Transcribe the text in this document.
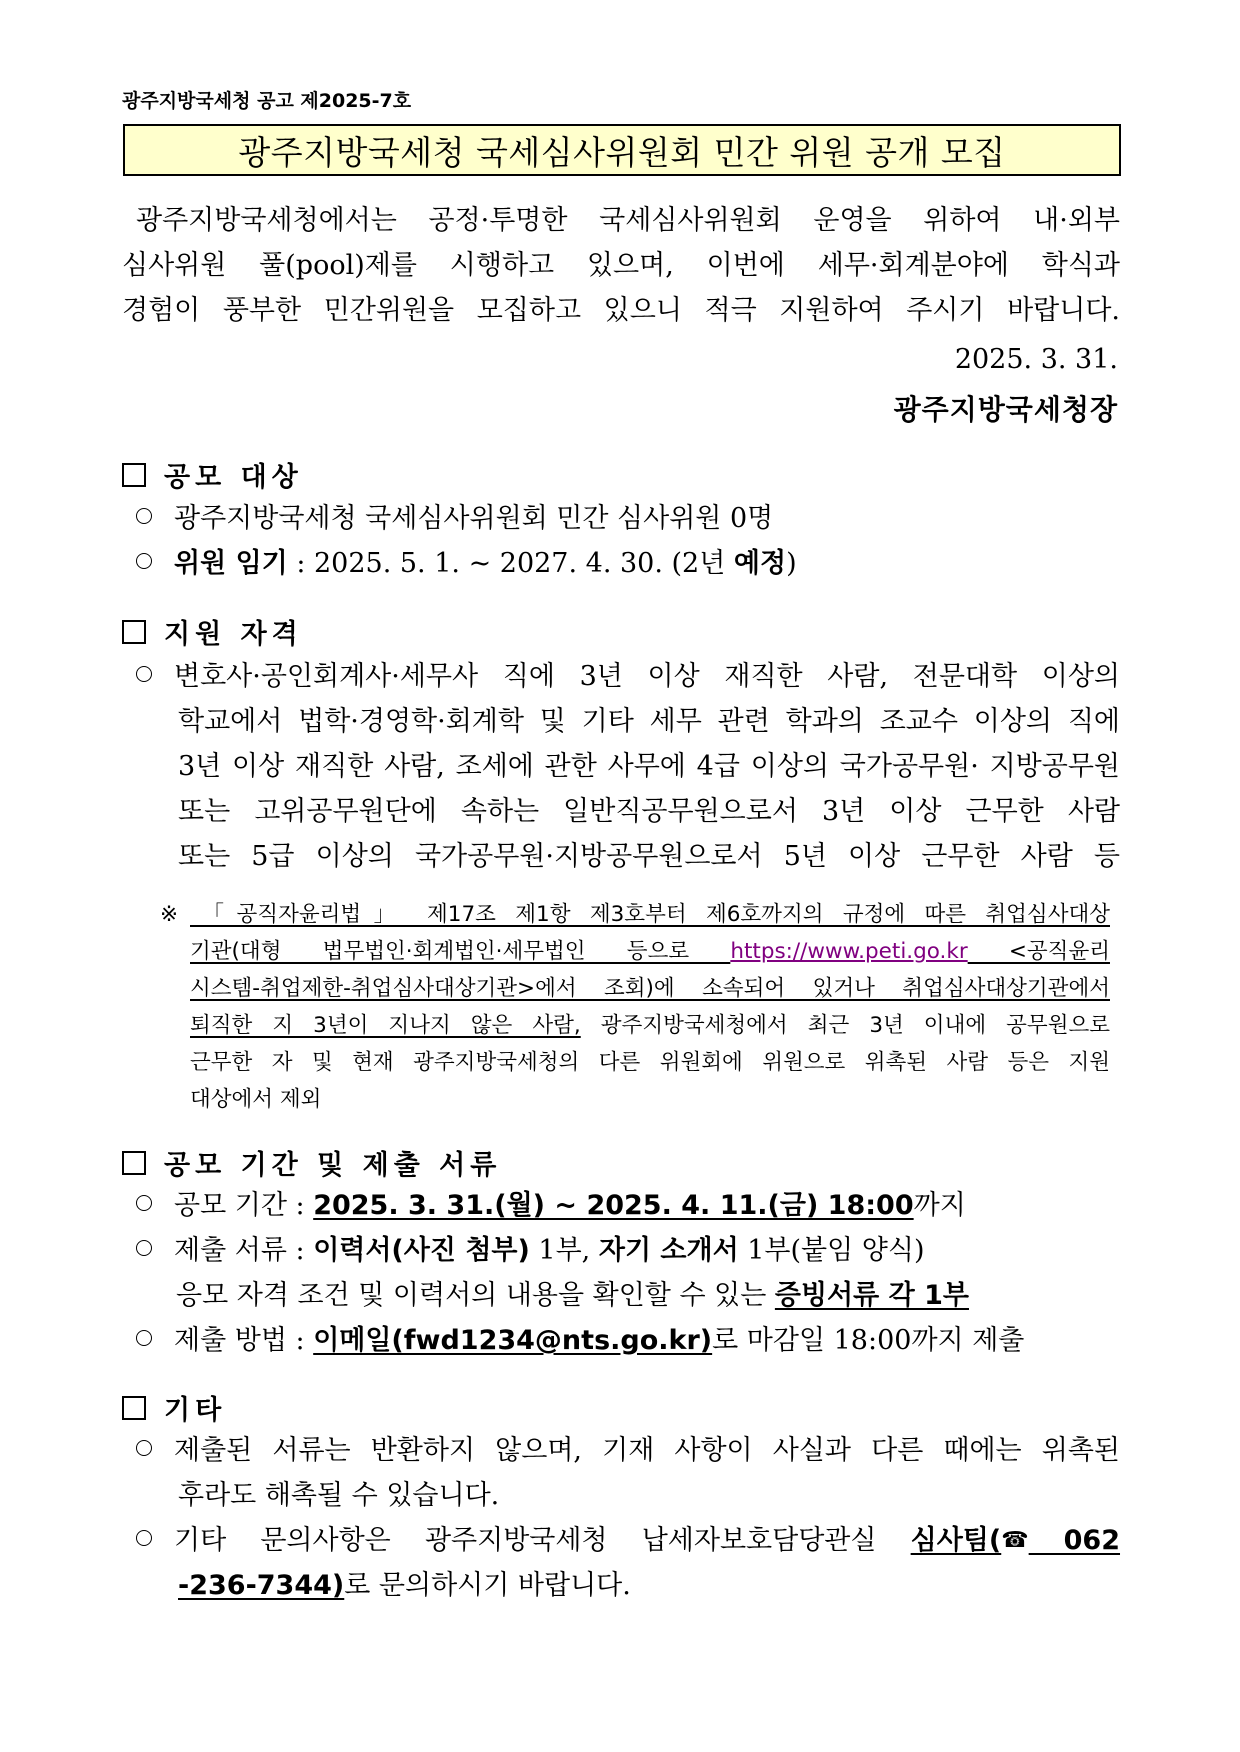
광주지방국세청 공고 제2025-7호
광주지방국세청 국세심사위원회 민간 위원 공개 모집

광주지방국세청에서는 공정·투명한 국세심사위원회 운영을 위하여 내·외부

심사위원 풀(pool)제를 시행하고 있으며, 이번에 세무·회계분야에 학식과

경험이 풍부한 민간위원을 모집하고 있으니 적극 지원하여 주시기 바랍니다.

2025. 3. 31.
광주지방국세청장
공모 대상
광주지방국세청 국세심사위원회 민간 심사위원 0명
위원 임기 : 2025. 5. 1. ~ 2027. 4. 30. (2년 예정)
지원 자격
변호사·공인회계사·세무사 직에 3년 이상 재직한 사람, 전문대학 이상의
학교에서 법학·경영학·회계학 및 기타 세무 관련 학과의 조교수 이상의 직에
3년 이상 재직한 사람, 조세에 관한 사무에 4급 이상의 국가공무원· 지방공무원
또는 고위공무원단에 속하는 일반직공무원으로서 3년 이상 근무한 사람
또는 5급 이상의 국가공무원·지방공무원으로서 5년 이상 근무한 사람 등
※ 「공직자윤리법」 제17조 제1항 제3호부터 제6호까지의 규정에 따른 취업심사대상
기관(대형 법무법인·회계법인·세무법인 등으로 https://www.peti.go.kr <공직윤리
시스템-취업제한-취업심사대상기관>에서 조회)에 소속되어 있거나 취업심사대상기관에서
퇴직한 지 3년이 지나지 않은 사람, 광주지방국세청에서 최근 3년 이내에 공무원으로
근무한 자 및 현재 광주지방국세청의 다른 위원회에 위원으로 위촉된 사람 등은 지원
대상에서 제외
공모 기간 및 제출 서류
공모 기간 : 2025. 3. 31.(월) ~ 2025. 4. 11.(금) 18:00까지
제출 서류 : 이력서(사진 첨부) 1부, 자기 소개서 1부(붙임 양식)
응모 자격 조건 및 이력서의 내용을 확인할 수 있는 증빙서류 각 1부
제출 방법 : 이메일(fwd1234@nts.go.kr)로 마감일 18:00까지 제출
기타
제출된 서류는 반환하지 않으며, 기재 사항이 사실과 다른 때에는 위촉된
후라도 해촉될 수 있습니다.
기타 문의사항은 광주지방국세청 납세자보호담당관실 심사팀(☎ 062
-236-7344)로 문의하시기 바랍니다.
